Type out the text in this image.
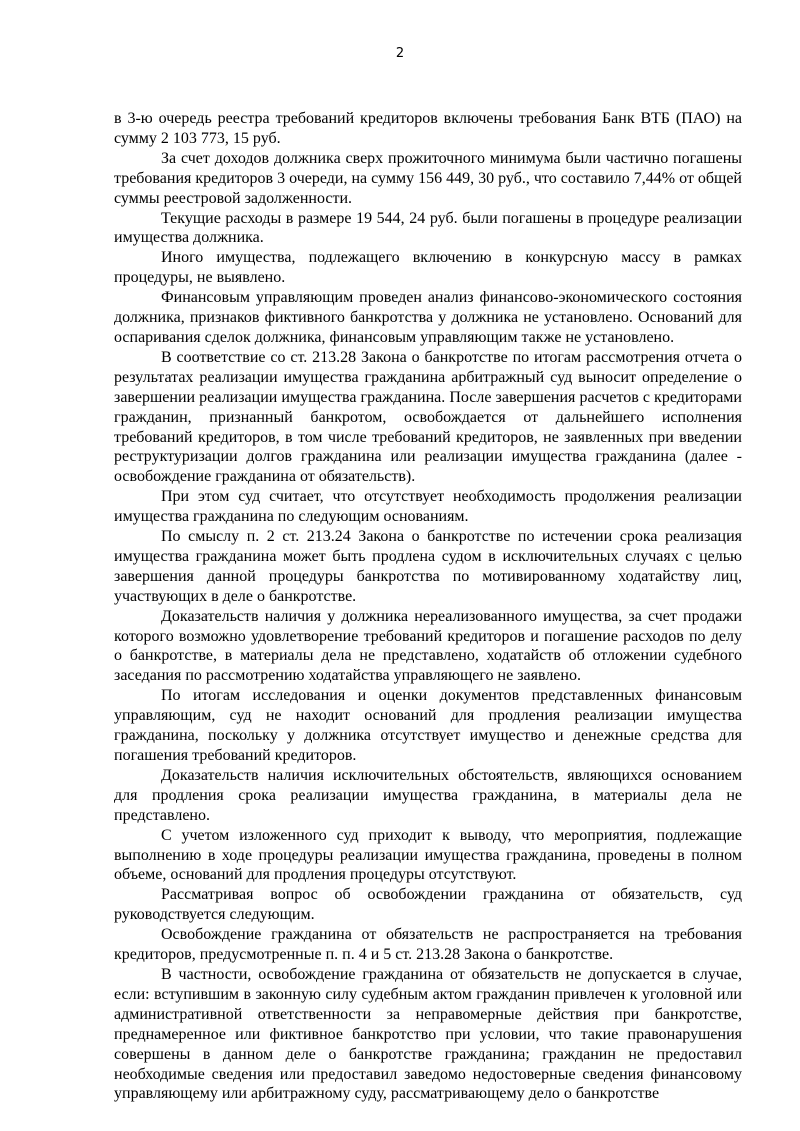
2

в 3-ю очередь реестра требований кредиторов включены требования Банк ВТБ (ПАО) на сумму 2 103 773, 15 руб.

За счет доходов должника сверх прожиточного минимума были частично погашены требования кредиторов 3 очереди, на сумму 156 449, 30 руб., что составило 7,44% от общей суммы реестровой задолженности.

Текущие расходы в размере 19 544, 24 руб. были погашены в процедуре реализации имущества должника.

Иного имущества, подлежащего включению в конкурсную массу в рамках процедуры, не выявлено.

Финансовым управляющим проведен анализ финансово-экономического состояния должника, признаков фиктивного банкротства у должника не установлено. Оснований для оспаривания сделок должника, финансовым управляющим также не установлено.

В соответствие со ст. 213.28 Закона о банкротстве по итогам рассмотрения отчета о результатах реализации имущества гражданина арбитражный суд выносит определение о завершении реализации имущества гражданина. После завершения расчетов с кредиторами гражданин, признанный банкротом, освобождается от дальнейшего исполнения требований кредиторов, в том числе требований кредиторов, не заявленных при введении реструктуризации долгов гражданина или реализации имущества гражданина (далее - освобождение гражданина от обязательств).

При этом суд считает, что отсутствует необходимость продолжения реализации имущества гражданина по следующим основаниям.

По смыслу п. 2 ст. 213.24 Закона о банкротстве по истечении срока реализация имущества гражданина может быть продлена судом в исключительных случаях с целью завершения данной процедуры банкротства по мотивированному ходатайству лиц, участвующих в деле о банкротстве.

Доказательств наличия у должника нереализованного имущества, за счет продажи которого возможно удовлетворение требований кредиторов и погашение расходов по делу о банкротстве, в материалы дела не представлено, ходатайств об отложении судебного заседания по рассмотрению ходатайства управляющего не заявлено.

По итогам исследования и оценки документов представленных финансовым управляющим, суд не находит оснований для продления реализации имущества гражданина, поскольку у должника отсутствует имущество и денежные средства для погашения требований кредиторов.

Доказательств наличия исключительных обстоятельств, являющихся основанием для продления срока реализации имущества гражданина, в материалы дела не представлено.

С учетом изложенного суд приходит к выводу, что мероприятия, подлежащие выполнению в ходе процедуры реализации имущества гражданина, проведены в полном объеме, оснований для продления процедуры отсутствуют.

Рассматривая вопрос об освобождении гражданина от обязательств, суд руководствуется следующим.

Освобождение гражданина от обязательств не распространяется на требования кредиторов, предусмотренные п. п. 4 и 5 ст. 213.28 Закона о банкротстве.

В частности, освобождение гражданина от обязательств не допускается в случае, если: вступившим в законную силу судебным актом гражданин привлечен к уголовной или административной ответственности за неправомерные действия при банкротстве, преднамеренное или фиктивное банкротство при условии, что такие правонарушения совершены в данном деле о банкротстве гражданина; гражданин не предоставил необходимые сведения или предоставил заведомо недостоверные сведения финансовому управляющему или арбитражному суду, рассматривающему дело о банкротстве
